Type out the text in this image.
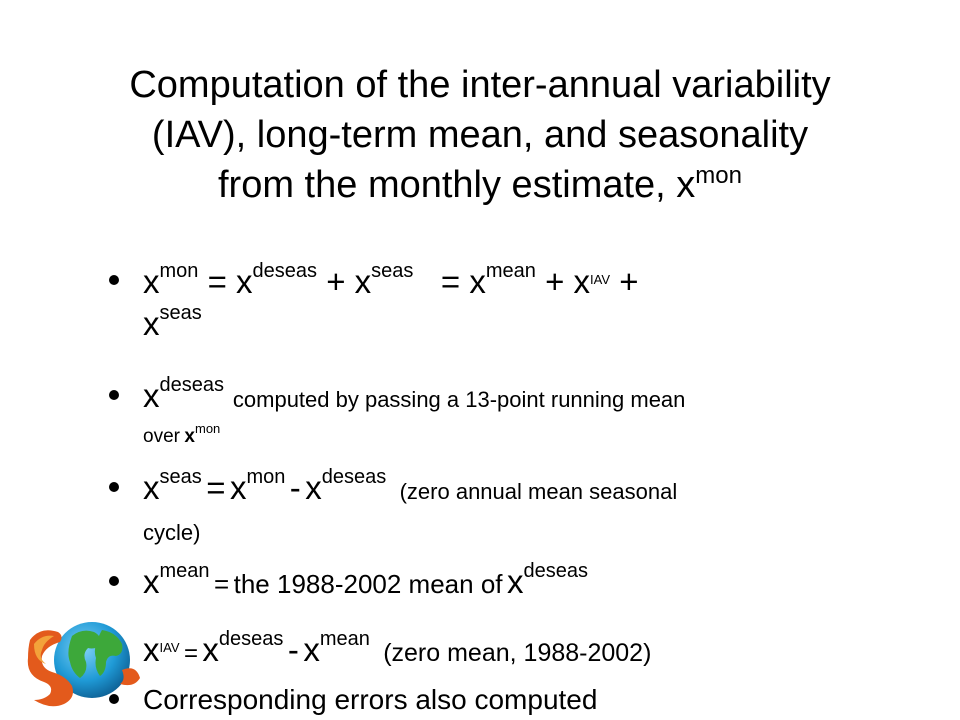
Computation of the inter-annual variability
(IAV), long-term mean, and seasonality
from the monthly estimate, $x^{mon}$
$x^{mon} = x^{deseas} + x^{seas} = x^{mean} + x^{IAV}$ +
$x^{seas}$
$x^{deseas}$  computed by passing a 13-point running mean
over $x^{mon}$
$x^{seas} = x^{mon} - x^{deseas}$   (zero annual mean seasonal
cycle)
$x^{mean}$ = the 1988-2002 mean of $x^{deseas}$
$x^{IAV} = x^{deseas} - x^{mean}$ (zero mean, 1988-2002)
Corresponding errors also computed
